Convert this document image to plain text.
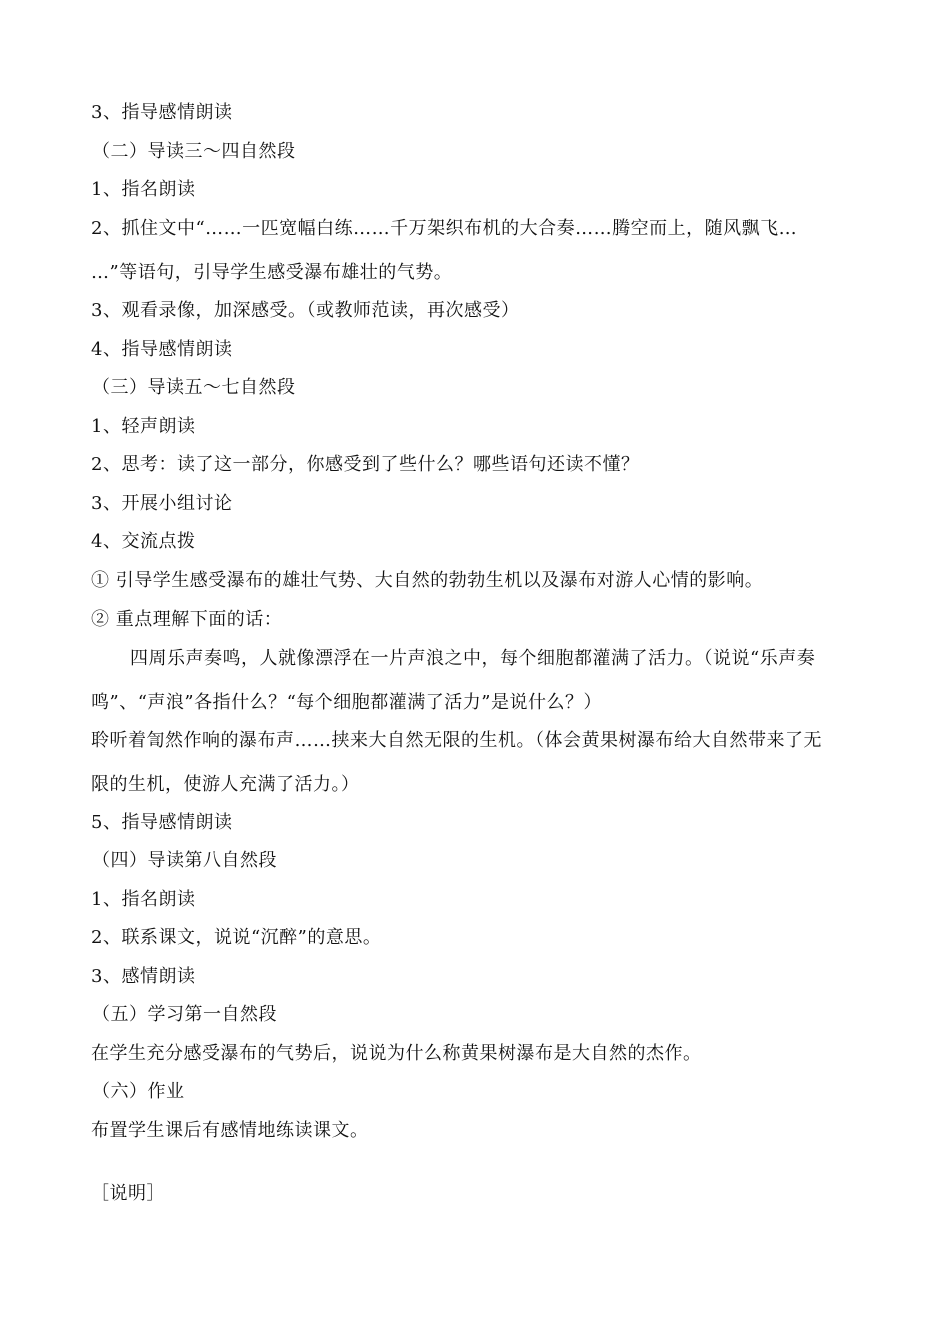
3、指导感情朗读
（二）导读三～四自然段
1、指名朗读
2、抓住文中“……一匹宽幅白练……千万架织布机的大合奏……腾空而上，随风飘飞…
…”等语句，引导学生感受瀑布雄壮的气势。
3、观看录像，加深感受。（或教师范读，再次感受）
4、指导感情朗读
（三）导读五～七自然段
1、轻声朗读
2、思考：读了这一部分，你感受到了些什么？哪些语句还读不懂？
3、开展小组讨论
4、交流点拨
① 引导学生感受瀑布的雄壮气势、大自然的勃勃生机以及瀑布对游人心情的影响。
② 重点理解下面的话：
四周乐声奏鸣，人就像漂浮在一片声浪之中，每个细胞都灌满了活力。（说说“乐声奏
鸣”、“声浪”各指什么？“每个细胞都灌满了活力”是说什么？）
聆听着訇然作响的瀑布声……挟来大自然无限的生机。（体会黄果树瀑布给大自然带来了无
限的生机，使游人充满了活力。）
5、指导感情朗读
（四）导读第八自然段
1、指名朗读
2、联系课文，说说“沉醉”的意思。
3、感情朗读
（五）学习第一自然段
在学生充分感受瀑布的气势后，说说为什么称黄果树瀑布是大自然的杰作。
（六）作业
布置学生课后有感情地练读课文。
［说明］
